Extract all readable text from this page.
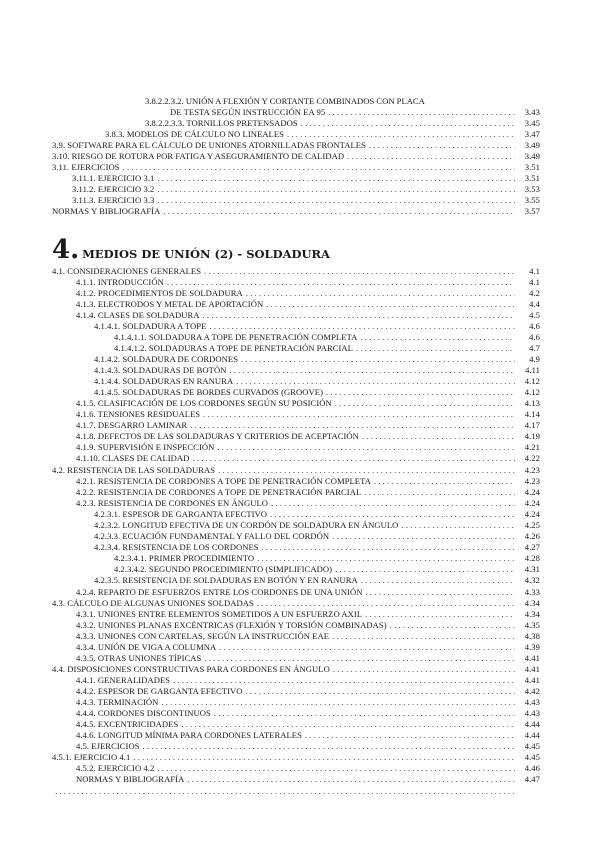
3.8.2.2.3.2. UNIÓN A FLEXIÓN Y CORTANTE COMBINADOS CON PLACA
DE TESTA SEGÚN INSTRUCCIÓN EA 95 . . .	3.43
3.8.2.2.3.3. TORNILLOS PRETENSADOS . . .	3.45
3.8.3. MODELOS DE CÁLCULO NO LINEALES . . .	3.47
3.9. SOFTWARE PARA EL CÁLCULO DE UNIONES ATORNILLADAS FRONTALES . . .	3.49
3.10. RIESGO DE ROTURA POR FATIGA Y ASEGURAMIENTO DE CALIDAD . . .	3.49
3.11. EJERCICIOS . . .	3.51
3.11.1. EJERCICIO 3.1 . . .	3.51
3.11.2. EJERCICIO 3.2 . . .	3.53
3.11.3. EJERCICIO 3.3 . . .	3.55
NORMAS Y BIBLIOGRAFÍA . . .	3.57
4. MEDIOS DE UNIÓN (2) - SOLDADURA
4.1. CONSIDERACIONES GENERALES . . .	4.1
4.1.1. INTRODUCCIÓN . . .	4.1
4.1.2. PROCEDIMIENTOS DE SOLDADURA . . .	4.2
4.1.3. ELECTRODOS Y METAL DE APORTACIÓN . . .	4.4
4.1.4. CLASES DE SOLDADURA . . .	4.5
4.1.4.1. SOLDADURA A TOPE . . .	4.6
4.1.4.1.1. SOLDADURA A TOPE DE PENETRACIÓN COMPLETA . . .	4.6
4.1.4.1.2. SOLDADURAS A TOPE DE PENETRACIÓN PARCIAL . . .	4.7
4.1.4.2. SOLDADURA DE CORDONES . . .	4.9
4.1.4.3. SOLDADURAS DE BOTÓN . . .	4.11
4.1.4.4. SOLDADURAS EN RANURA . . .	4.12
4.1.4.5. SOLDADURAS DE BORDES CURVADOS (GROOVE) . . .	4.12
4.1.5. CLASIFICACIÓN DE LOS CORDONES SEGÚN SU POSICIÓN . . .	4.13
4.1.6. TENSIONES RESIDUALES . . .	4.14
4.1.7. DESGARRO LAMINAR . . .	4.17
4.1.8. DEFECTOS DE LAS SOLDADURAS Y CRITERIOS DE ACEPTACIÓN . . .	4.19
4.1.9. SUPERVISIÓN E INSPECCIÓN . . .	4.21
4.1.10. CLASES DE CALIDAD . . .	4.22
4.2. RESISTENCIA DE LAS SOLDADURAS . . .	4.23
4.2.1. RESISTENCIA DE CORDONES A TOPE DE PENETRACIÓN COMPLETA . . .	4.23
4.2.2. RESISTENCIA DE CORDONES A TOPE DE PENETRACIÓN PARCIAL . . .	4.24
4.2.3. RESISTENCIA DE CORDONES EN ÁNGULO . . .	4.24
4.2.3.1. ESPESOR DE GARGANTA EFECTIVO . . .	4.24
4.2.3.2. LONGITUD EFECTIVA DE UN CORDÓN DE SOLDADURA EN ÁNGULO . . .	4.25
4.2.3.3. ECUACIÓN FUNDAMENTAL Y FALLO DEL CORDÓN . . .	4.26
4.2.3.4. RESISTENCIA DE LOS CORDONES . . .	4.27
4.2.3.4.1. PRIMER PROCEDIMIENTO . . .	4.28
4.2.3.4.2. SEGUNDO PROCEDIMIENTO (SIMPLIFICADO) . . .	4.31
4.2.3.5. RESISTENCIA DE SOLDADURAS EN BOTÓN Y EN RANURA . . .	4.32
4.2.4. REPARTO DE ESFUERZOS ENTRE LOS CORDONES DE UNA UNIÓN . . .	4.33
4.3. CÁLCULO DE ALGUNAS UNIONES SOLDADAS . . .	4.34
4.3.1. UNIONES ENTRE ELEMENTOS SOMETIDOS A UN ESFUERZO AXIL . . .	4.34
4.3.2. UNIONES PLANAS EXCÉNTRICAS (FLEXIÓN Y TORSIÓN COMBINADAS) . . .	4.35
4.3.3. UNIONES CON CARTELAS, SEGÚN LA INSTRUCCIÓN EAE . . .	4.38
4.3.4. UNIÓN DE VIGA A COLUMNA . . .	4.39
4.3.5. OTRAS UNIONES TÍPICAS . . .	4.41
4.4. DISPOSICIONES CONSTRUCTIVAS PARA CORDONES EN ÁNGULO . . .	4.41
4.4.1. GENERALIDADES . . .	4.41
4.4.2. ESPESOR DE GARGANTA EFECTIVO . . .	4.42
4.4.3. TERMINACIÓN . . .	4.43
4.4.4. CORDONES DISCONTINUOS . . .	4.43
4.4.5. EXCENTRICIDADES . . .	4.44
4.4.6. LONGITUD MÍNIMA PARA CORDONES LATERALES . . .	4.44
4.5. EJERCICIOS . . .	4.45
4.5.1. EJERCICIO 4.1 . . .	4.45
4.5.2. EJERCICIO 4.2 . . .	4.46
NORMAS Y BIBLIOGRAFÍA . . .	4.47
. . .
